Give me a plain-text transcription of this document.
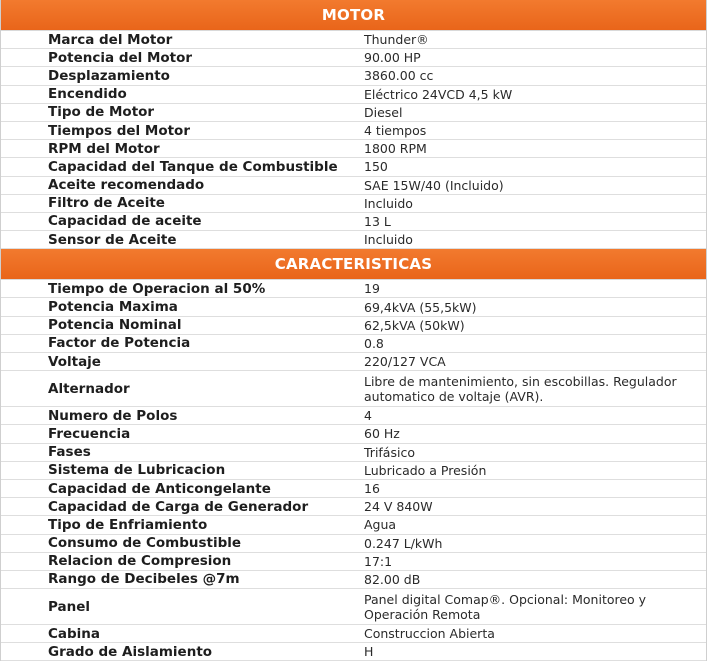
MOTOR
Marca del Motor	Thunder®
Potencia del Motor	90.00 HP
Desplazamiento	3860.00 cc
Encendido	Eléctrico 24VCD 4,5 kW
Tipo de Motor	Diesel
Tiempos del Motor	4 tiempos
RPM del Motor	1800 RPM
Capacidad del Tanque de Combustible	150
Aceite recomendado	SAE 15W/40 (Incluido)
Filtro de Aceite	Incluido
Capacidad de aceite	13 L
Sensor de Aceite	Incluido
CARACTERISTICAS
Tiempo de Operacion al 50%	19
Potencia Maxima	69,4kVA (55,5kW)
Potencia Nominal	62,5kVA (50kW)
Factor de Potencia	0.8
Voltaje	220/127 VCA
Alternador	Libre de mantenimiento, sin escobillas. Regulador automatico de voltaje (AVR).
Numero de Polos	4
Frecuencia	60 Hz
Fases	Trifásico
Sistema de Lubricacion	Lubricado a Presión
Capacidad de Anticongelante	16
Capacidad de Carga de Generador	24 V 840W
Tipo de Enfriamiento	Agua
Consumo de Combustible	0.247 L/kWh
Relacion de Compresion	17:1
Rango de Decibeles @7m	82.00 dB
Panel	Panel digital Comap®. Opcional: Monitoreo y Operación Remota
Cabina	Construccion Abierta
Grado de Aislamiento	H
